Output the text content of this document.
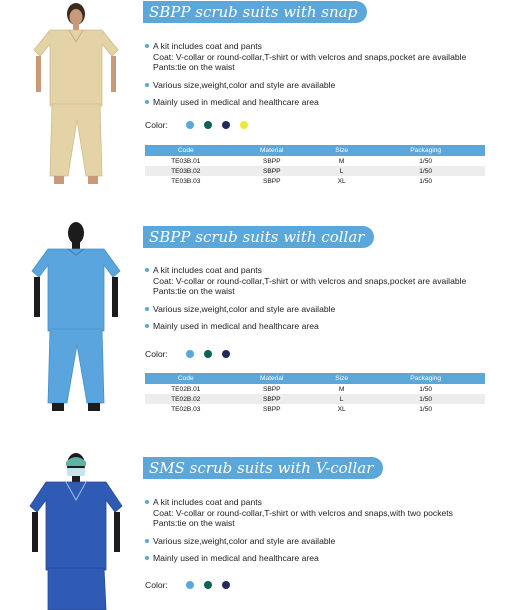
SBPP scrub suits with snap
A kit includes coat and pants
Coat: V-collar or round-collar,T-shirt or with velcros and snaps,pocket are available
Pants:tie on the waist
Various size,weight,color and style are available
Mainly used in medical and healthcare area
Color:
Code	Material	Size	Packaging
TE03B.01	SBPP	M	1/50
TE03B.02	SBPP	L	1/50
TE03B.03	SBPP	XL	1/50
SBPP scrub suits with collar
A kit includes coat and pants
Coat: V-collar or round-collar,T-shirt or with velcros and snaps,pocket are available
Pants:tie on the waist
Various size,weight,color and style are available
Mainly used in medical and healthcare area
Color:
Code	Material	Size	Packaging
TE02B.01	SBPP	M	1/50
TE02B.02	SBPP	L	1/50
TE02B.03	SBPP	XL	1/50
SMS scrub suits with V-collar
A kit includes coat and pants
Coat: V-collar or round-collar,T-shirt or with velcros and snaps,with two pockets
Pants:tie on the waist
Various size,weight,color and style are available
Mainly used in medical and healthcare area
Color:
